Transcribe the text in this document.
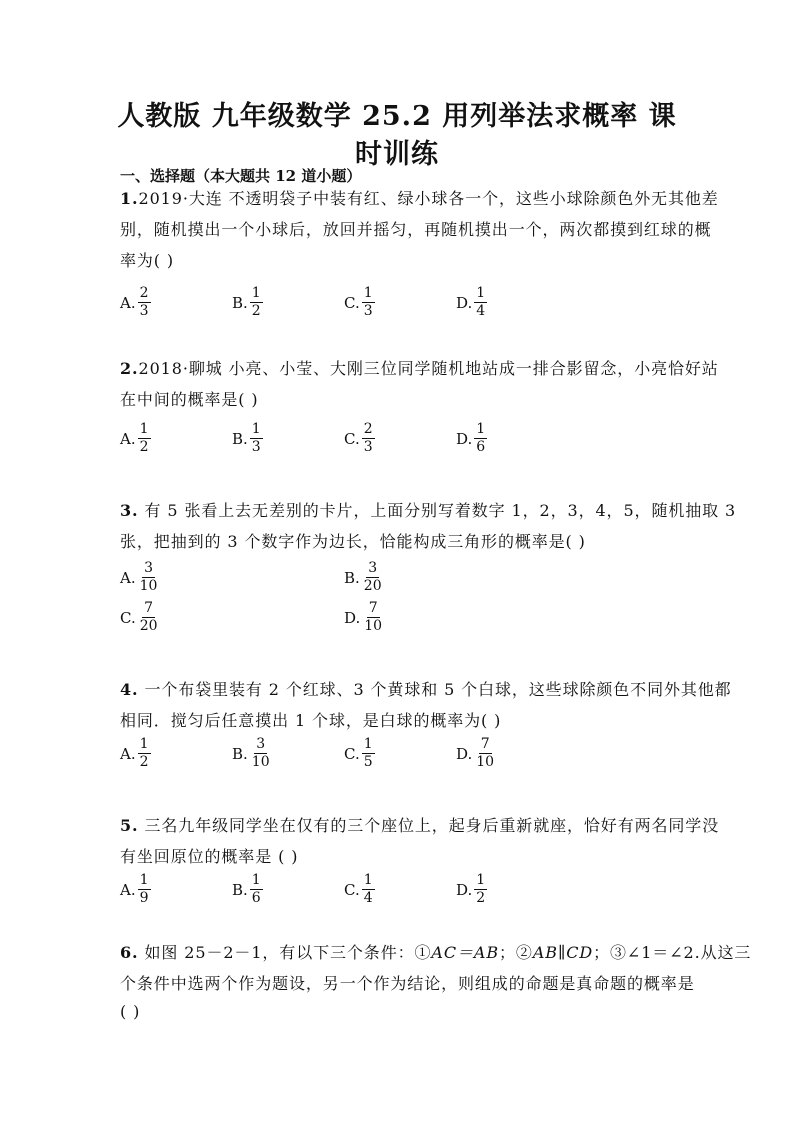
人教版 九年级数学 25.2 用列举法求概率 课
时训练
一、选择题（本大题共 12 道小题）
1.2019·大连 不透明袋子中装有红、绿小球各一个，这些小球除颜色外无其他差
别，随机摸出一个小球后，放回并摇匀，再随机摸出一个，两次都摸到红球的概
率为( )
A. $\frac{2}{3}$	B. $\frac{1}{2}$	C. $\frac{1}{3}$	D. $\frac{1}{4}$
2.2018·聊城 小亮、小莹、大刚三位同学随机地站成一排合影留念，小亮恰好站
在中间的概率是( )
A. $\frac{1}{2}$	B. $\frac{1}{3}$	C. $\frac{2}{3}$	D. $\frac{1}{6}$
3. 有 5 张看上去无差别的卡片，上面分别写着数字 1，2，3，4，5，随机抽取 3
张，把抽到的 3 个数字作为边长，恰能构成三角形的概率是( )
A. $\frac{3}{10}$	B. $\frac{3}{20}$
C. $\frac{7}{20}$	D. $\frac{7}{10}$
4. 一个布袋里装有 2 个红球、3 个黄球和 5 个白球，这些球除颜色不同外其他都
相同．搅匀后任意摸出 1 个球，是白球的概率为( )
A. $\frac{1}{2}$	B. $\frac{3}{10}$	C. $\frac{1}{5}$	D. $\frac{7}{10}$
5. 三名九年级同学坐在仅有的三个座位上，起身后重新就座，恰好有两名同学没
有坐回原位的概率是 ( )
A. $\frac{1}{9}$	B. $\frac{1}{6}$	C. $\frac{1}{4}$	D. $\frac{1}{2}$
6. 如图 25－2－1，有以下三个条件：①AC＝AB；②AB∥CD；③∠1＝∠2.从这三
个条件中选两个作为题设，另一个作为结论，则组成的命题是真命题的概率是
( )
